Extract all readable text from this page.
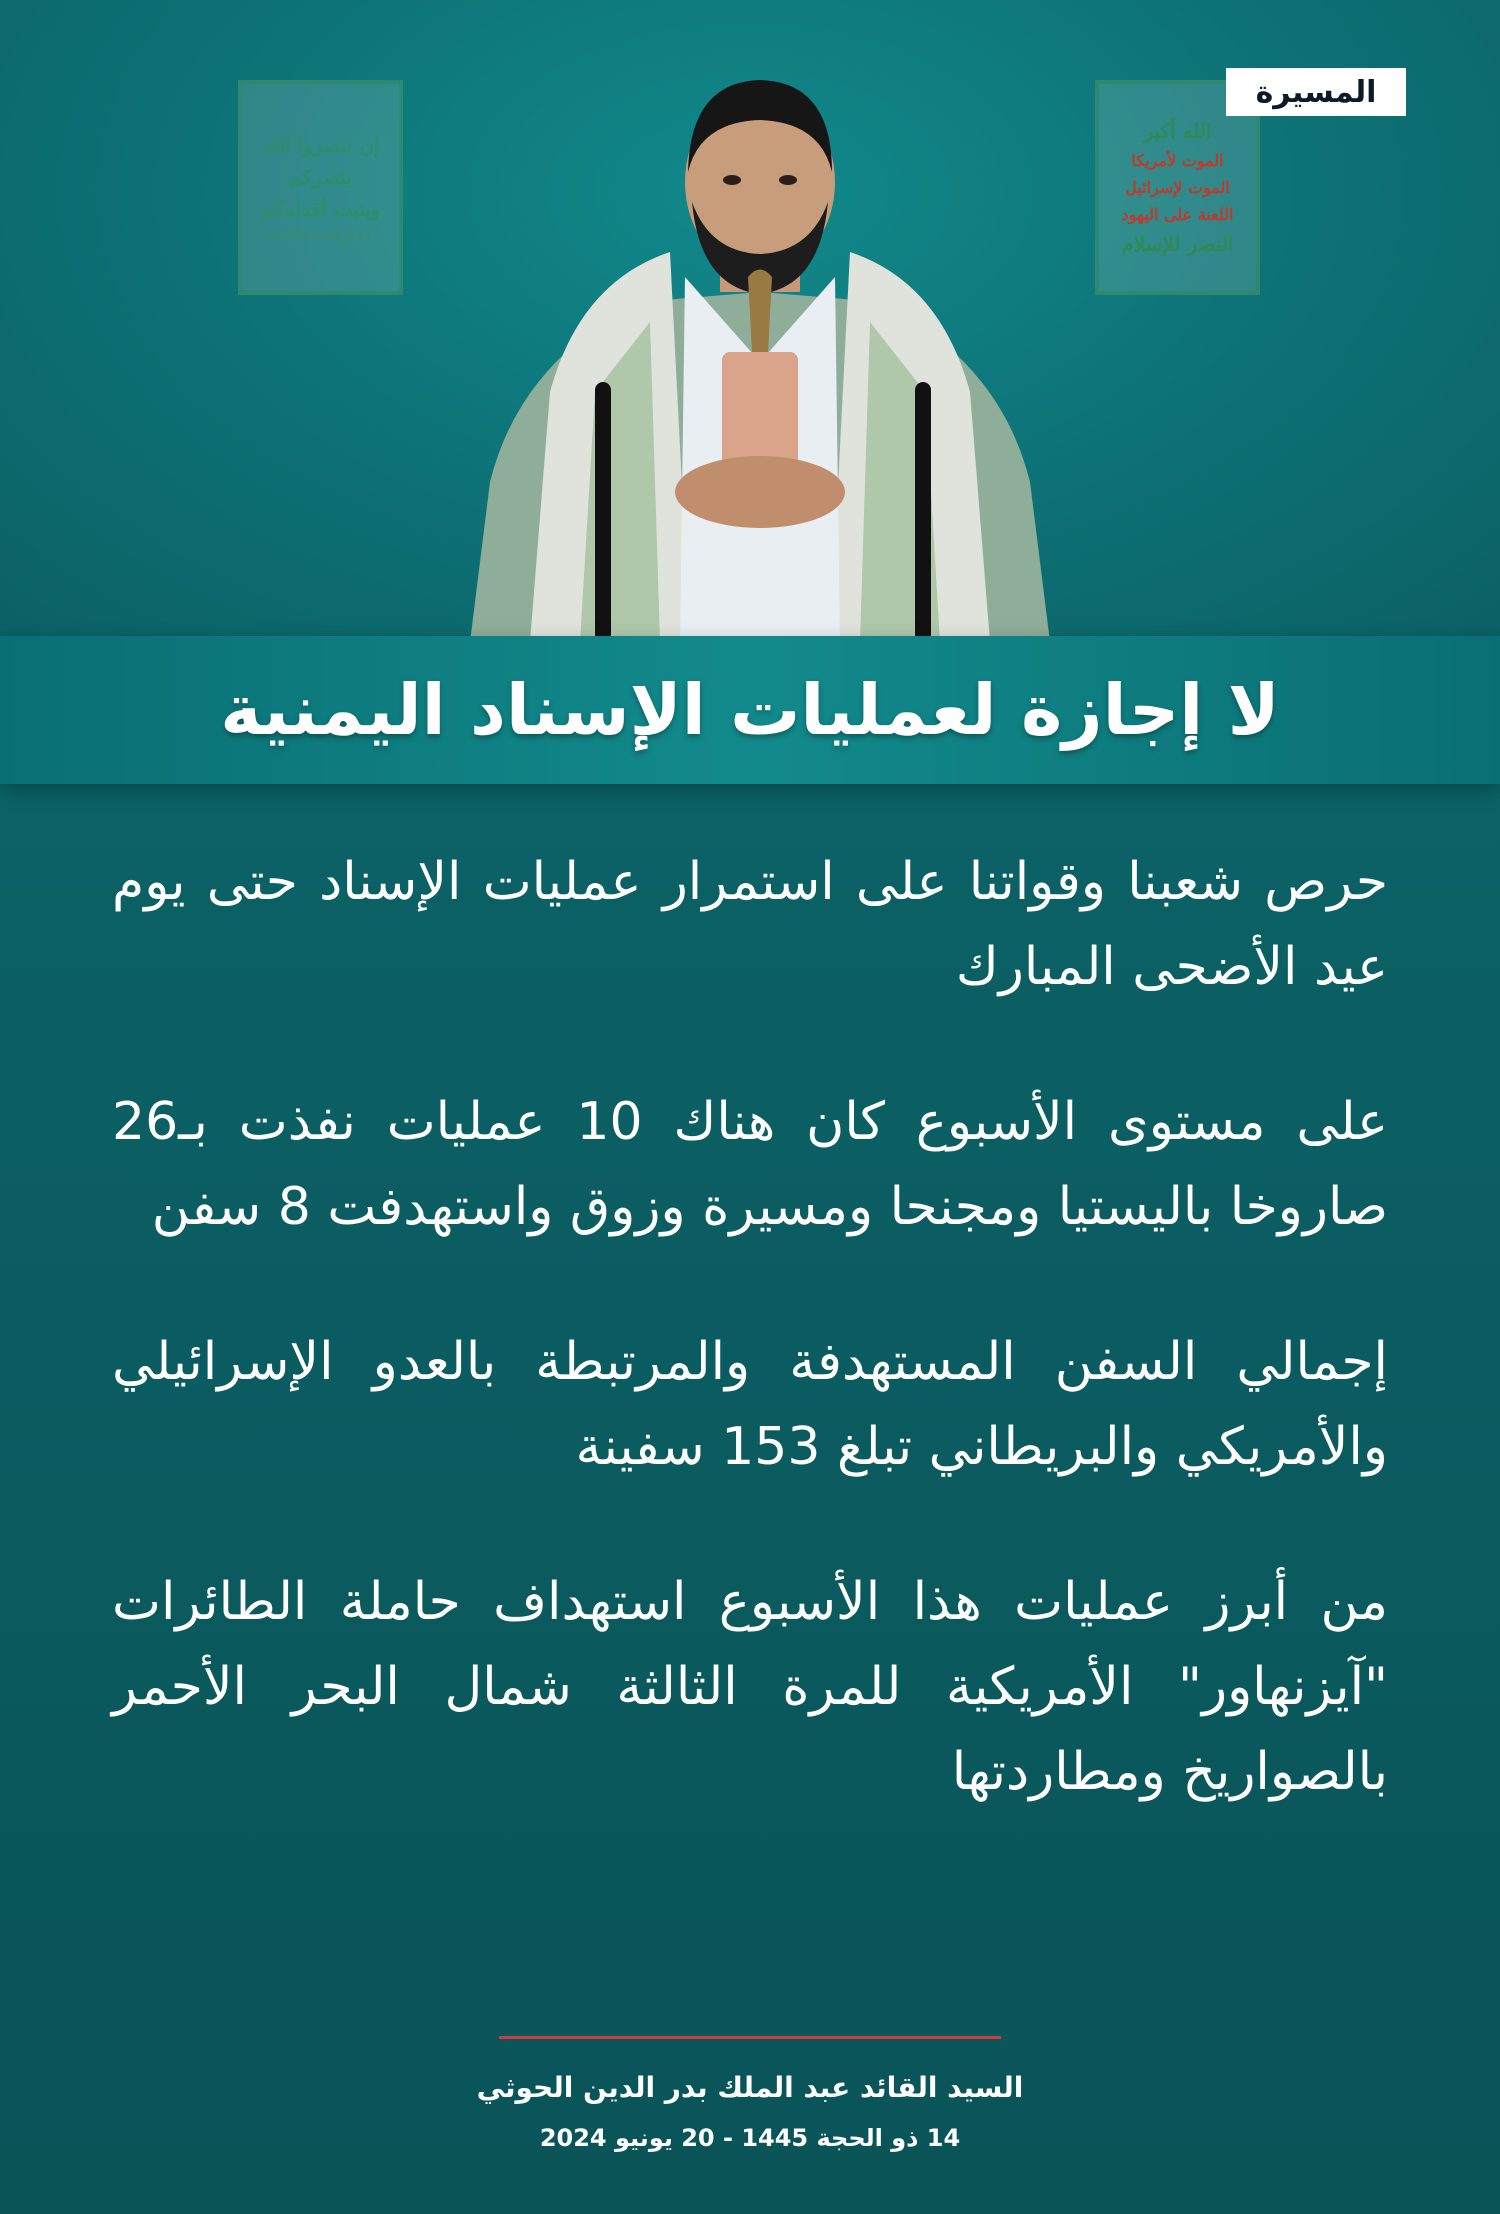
إن تنصروا الله
ينصركم
ويثبت أقدامكم
14 ذو الحجة 1445هـ
الله أكبر
الموت لأمريكا
الموت لإسرائيل
اللعنة على اليهود
النصر للإسلام
المسيرة
لا إجازة لعمليات الإسناد اليمنية

حرص شعبنا وقواتنا على استمرار عمليات الإسناد حتى يوم عيد الأضحى المبارك

على مستوى الأسبوع كان هناك 10 عمليات نفذت بـ26 صاروخا باليستيا ومجنحا ومسيرة وزوق واستهدفت 8 سفن

إجمالي السفن المستهدفة والمرتبطة بالعدو الإسرائيلي والأمريكي والبريطاني تبلغ 153 سفينة

من أبرز عمليات هذا الأسبوع استهداف حاملة الطائرات "آيزنهاور" الأمريكية للمرة الثالثة شمال البحر الأحمر بالصواريخ ومطاردتها

السيد القائد عبد الملك بدر الدين الحوثي
14 ذو الحجة 1445 - 20 يونيو 2024
